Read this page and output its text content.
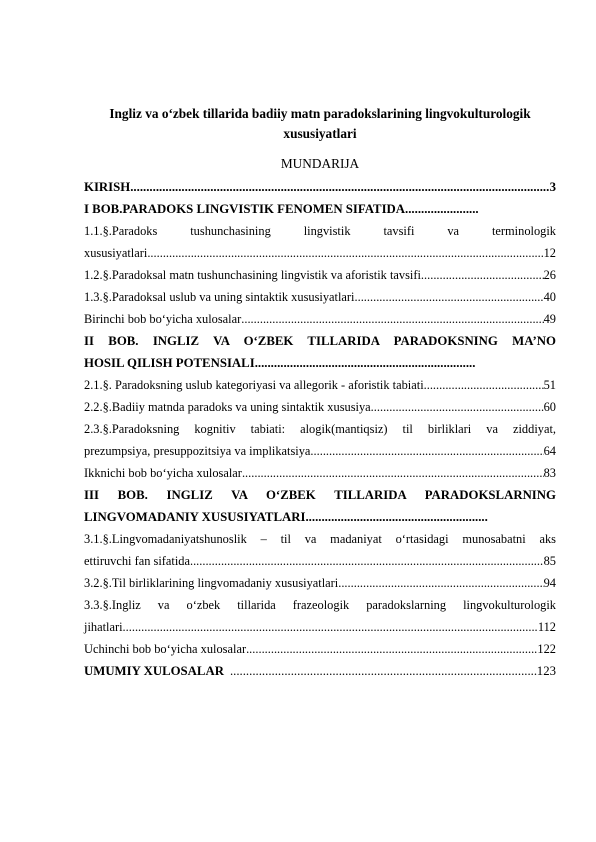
Ingliz va o‘zbek tillarida badiiy matn paradokslarining lingvokulturologik
xususiyatlari
MUNDARIJA
KIRISH .....	3
I BOB.PARADOKS LINGVISTIK FENOMEN SIFATIDA.......................
1.1.§.Paradoks tushunchasining lingvistik tavsifi va terminologik
xususiyatlari .....	12
1.2.§.Paradoksal matn tushunchasining lingvistik va aforistik tavsifi .....	26
1.3.§.Paradoksal uslub va uning sintaktik xususiyatlari .....	40
Birinchi bob bo‘yicha xulosalar .....	49
II BOB. INGLIZ VA O‘ZBEK TILLARIDA PARADOKSNING MA’NO
HOSIL QILISH POTENSIALI.....................................................................
2.1.§. Paradoksning uslub kategoriyasi va allegorik - aforistik tabiati .....	51
2.2.§.Badiiy matnda paradoks va uning sintaktik xususiya .....	60
2.3.§.Paradoksning kognitiv tabiati: alogik(mantiqsiz) til birliklari va ziddiyat,
prezumpsiya, presuppozitsiya va implikatsiya .....	64
Ikknichi bob bo‘yicha xulosalar .....	83
III BOB. INGLIZ VA O‘ZBEK TILLARIDA PARADOKSLARNING
LINGVOMADANIY XUSUSIYATLARI.........................................................
3.1.§.Lingvomadaniyatshunoslik – til va madaniyat o‘rtasidagi munosabatni aks
ettiruvchi fan sifatida .....	85
3.2.§.Til birliklarining lingvomadaniy xususiyatlari .....	94
3.3.§.Ingliz va o‘zbek tillarida frazeologik paradokslarning lingvokulturologik
jihatlari .....	112
Uchinchi bob bo‘yicha xulosalar .....	122
UMUMIY XULOSALAR .....	123
